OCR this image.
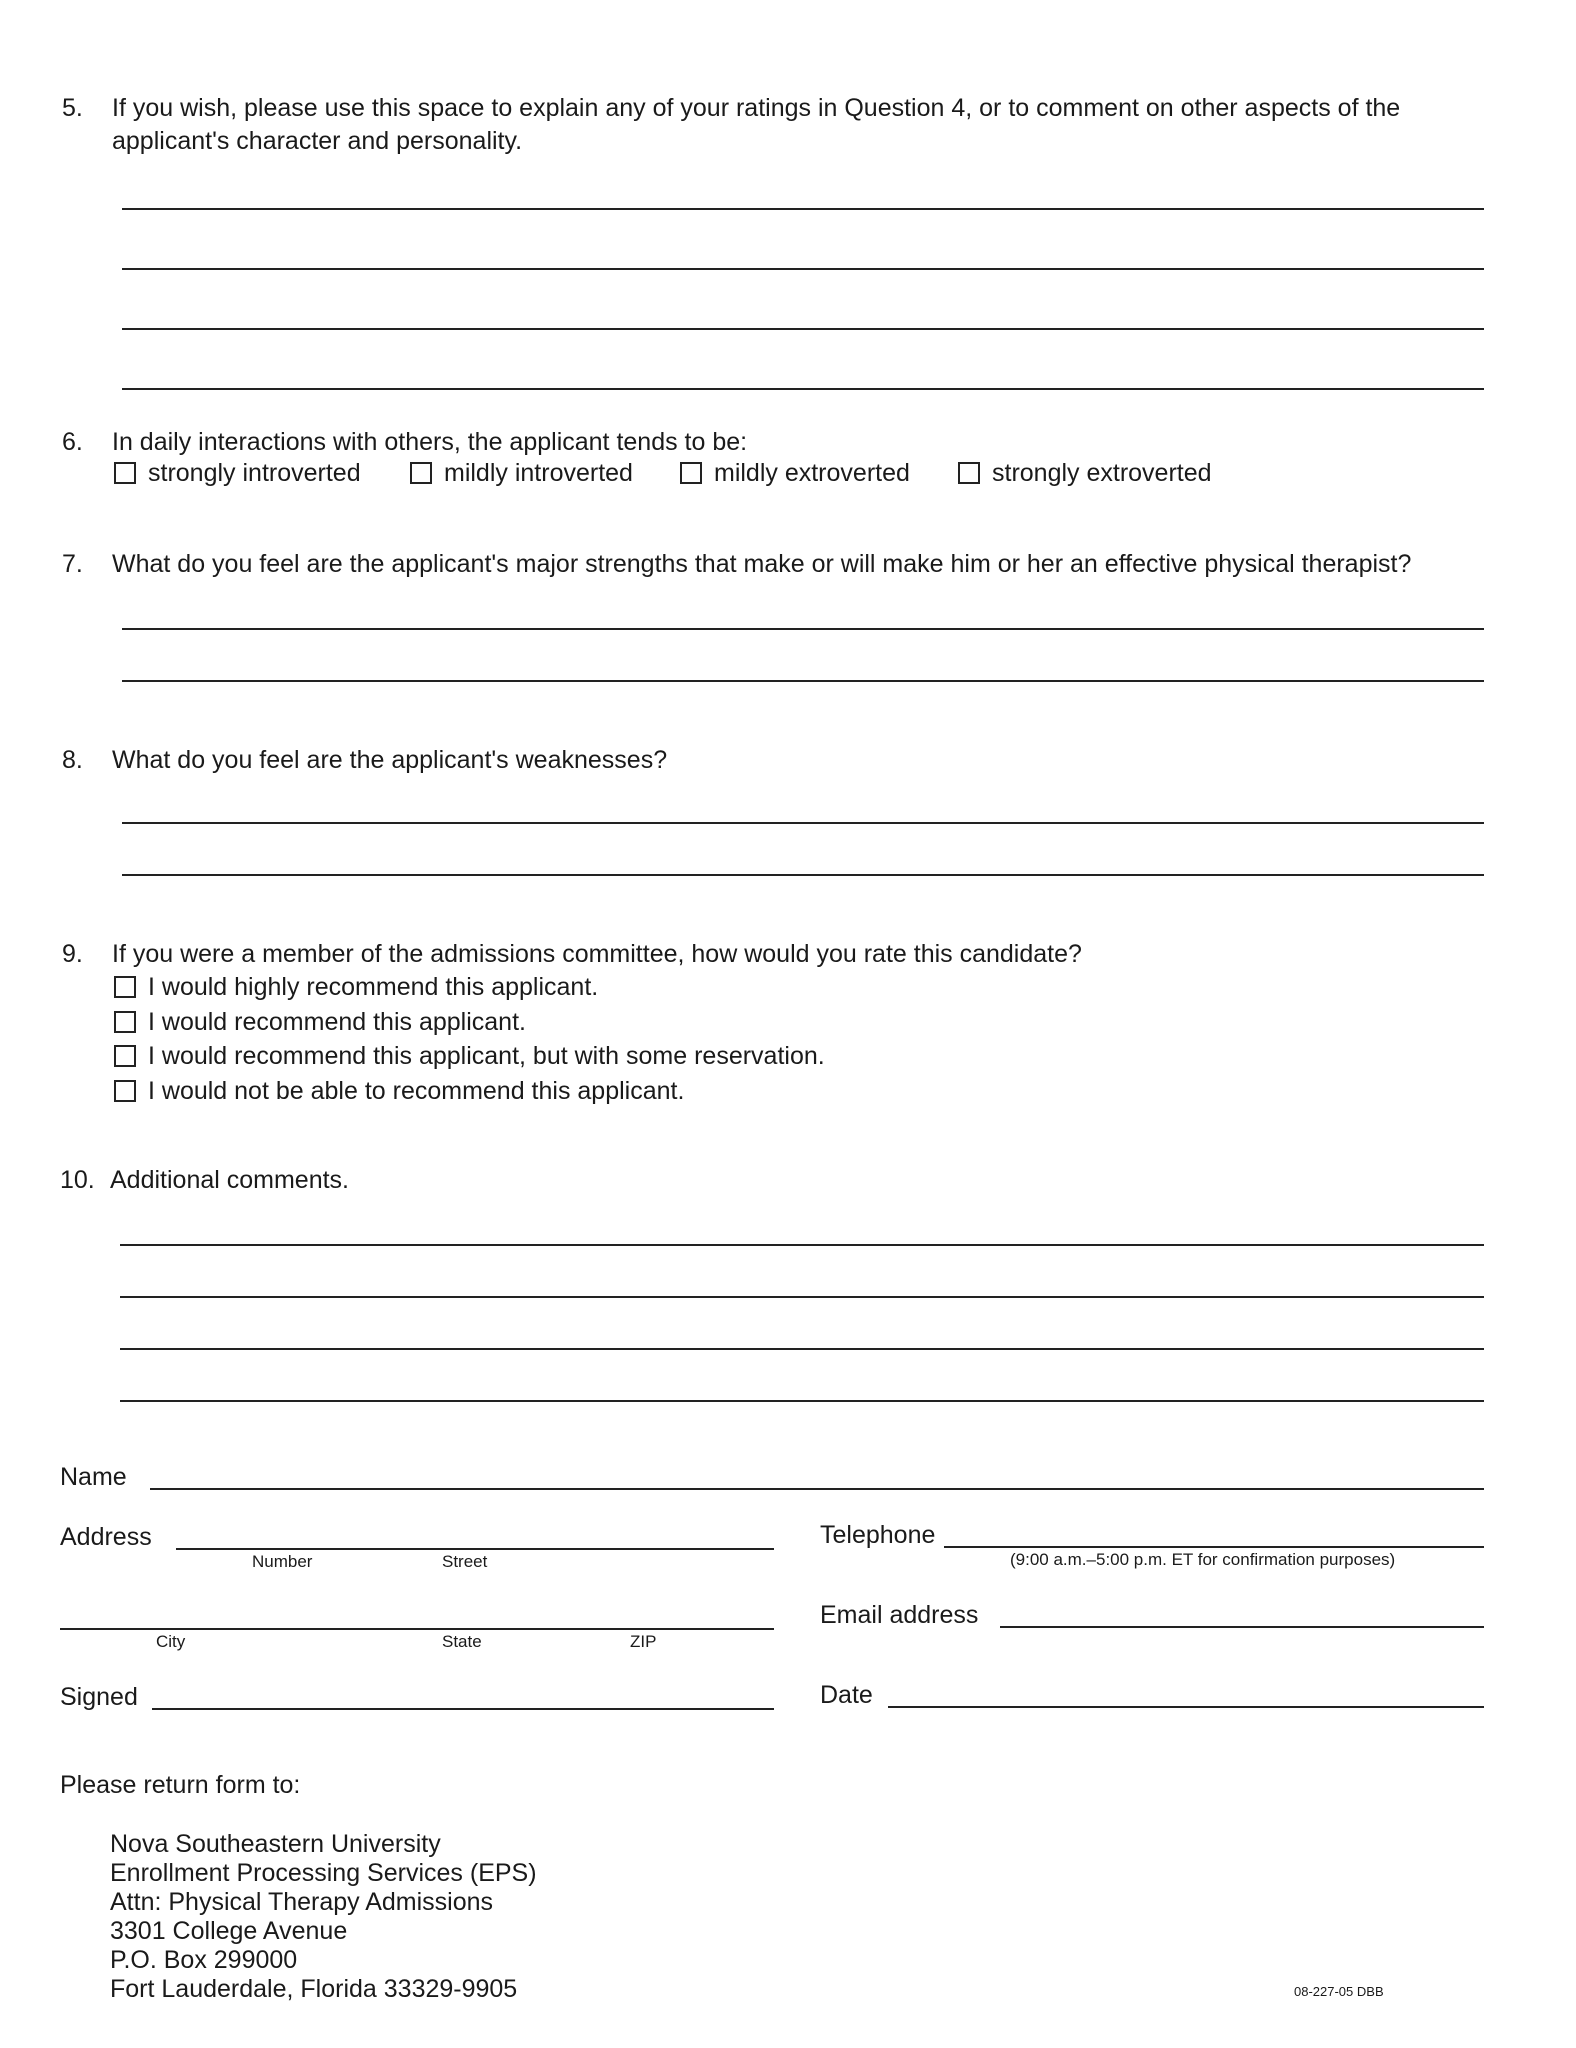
5. If you wish, please use this space to explain any of your ratings in Question 4, or to comment on other aspects of the applicant's character and personality.
6. In daily interactions with others, the applicant tends to be:
strongly introverted	mildly introverted	mildly extroverted	strongly extroverted
7. What do you feel are the applicant's major strengths that make or will make him or her an effective physical therapist?
8. What do you feel are the applicant's weaknesses?
9. If you were a member of the admissions committee, how would you rate this candidate?
I would highly recommend this applicant.
I would recommend this applicant.
I would recommend this applicant, but with some reservation.
I would not be able to recommend this applicant.
10. Additional comments.
Name
Address
Number	Street
City	State	ZIP
Telephone
(9:00 a.m.–5:00 p.m. ET for confirmation purposes)
Email address
Signed	Date
Please return form to:
Nova Southeastern University
Enrollment Processing Services (EPS)
Attn: Physical Therapy Admissions
3301 College Avenue
P.O. Box 299000
Fort Lauderdale, Florida 33329-9905	08-227-05 DBB
